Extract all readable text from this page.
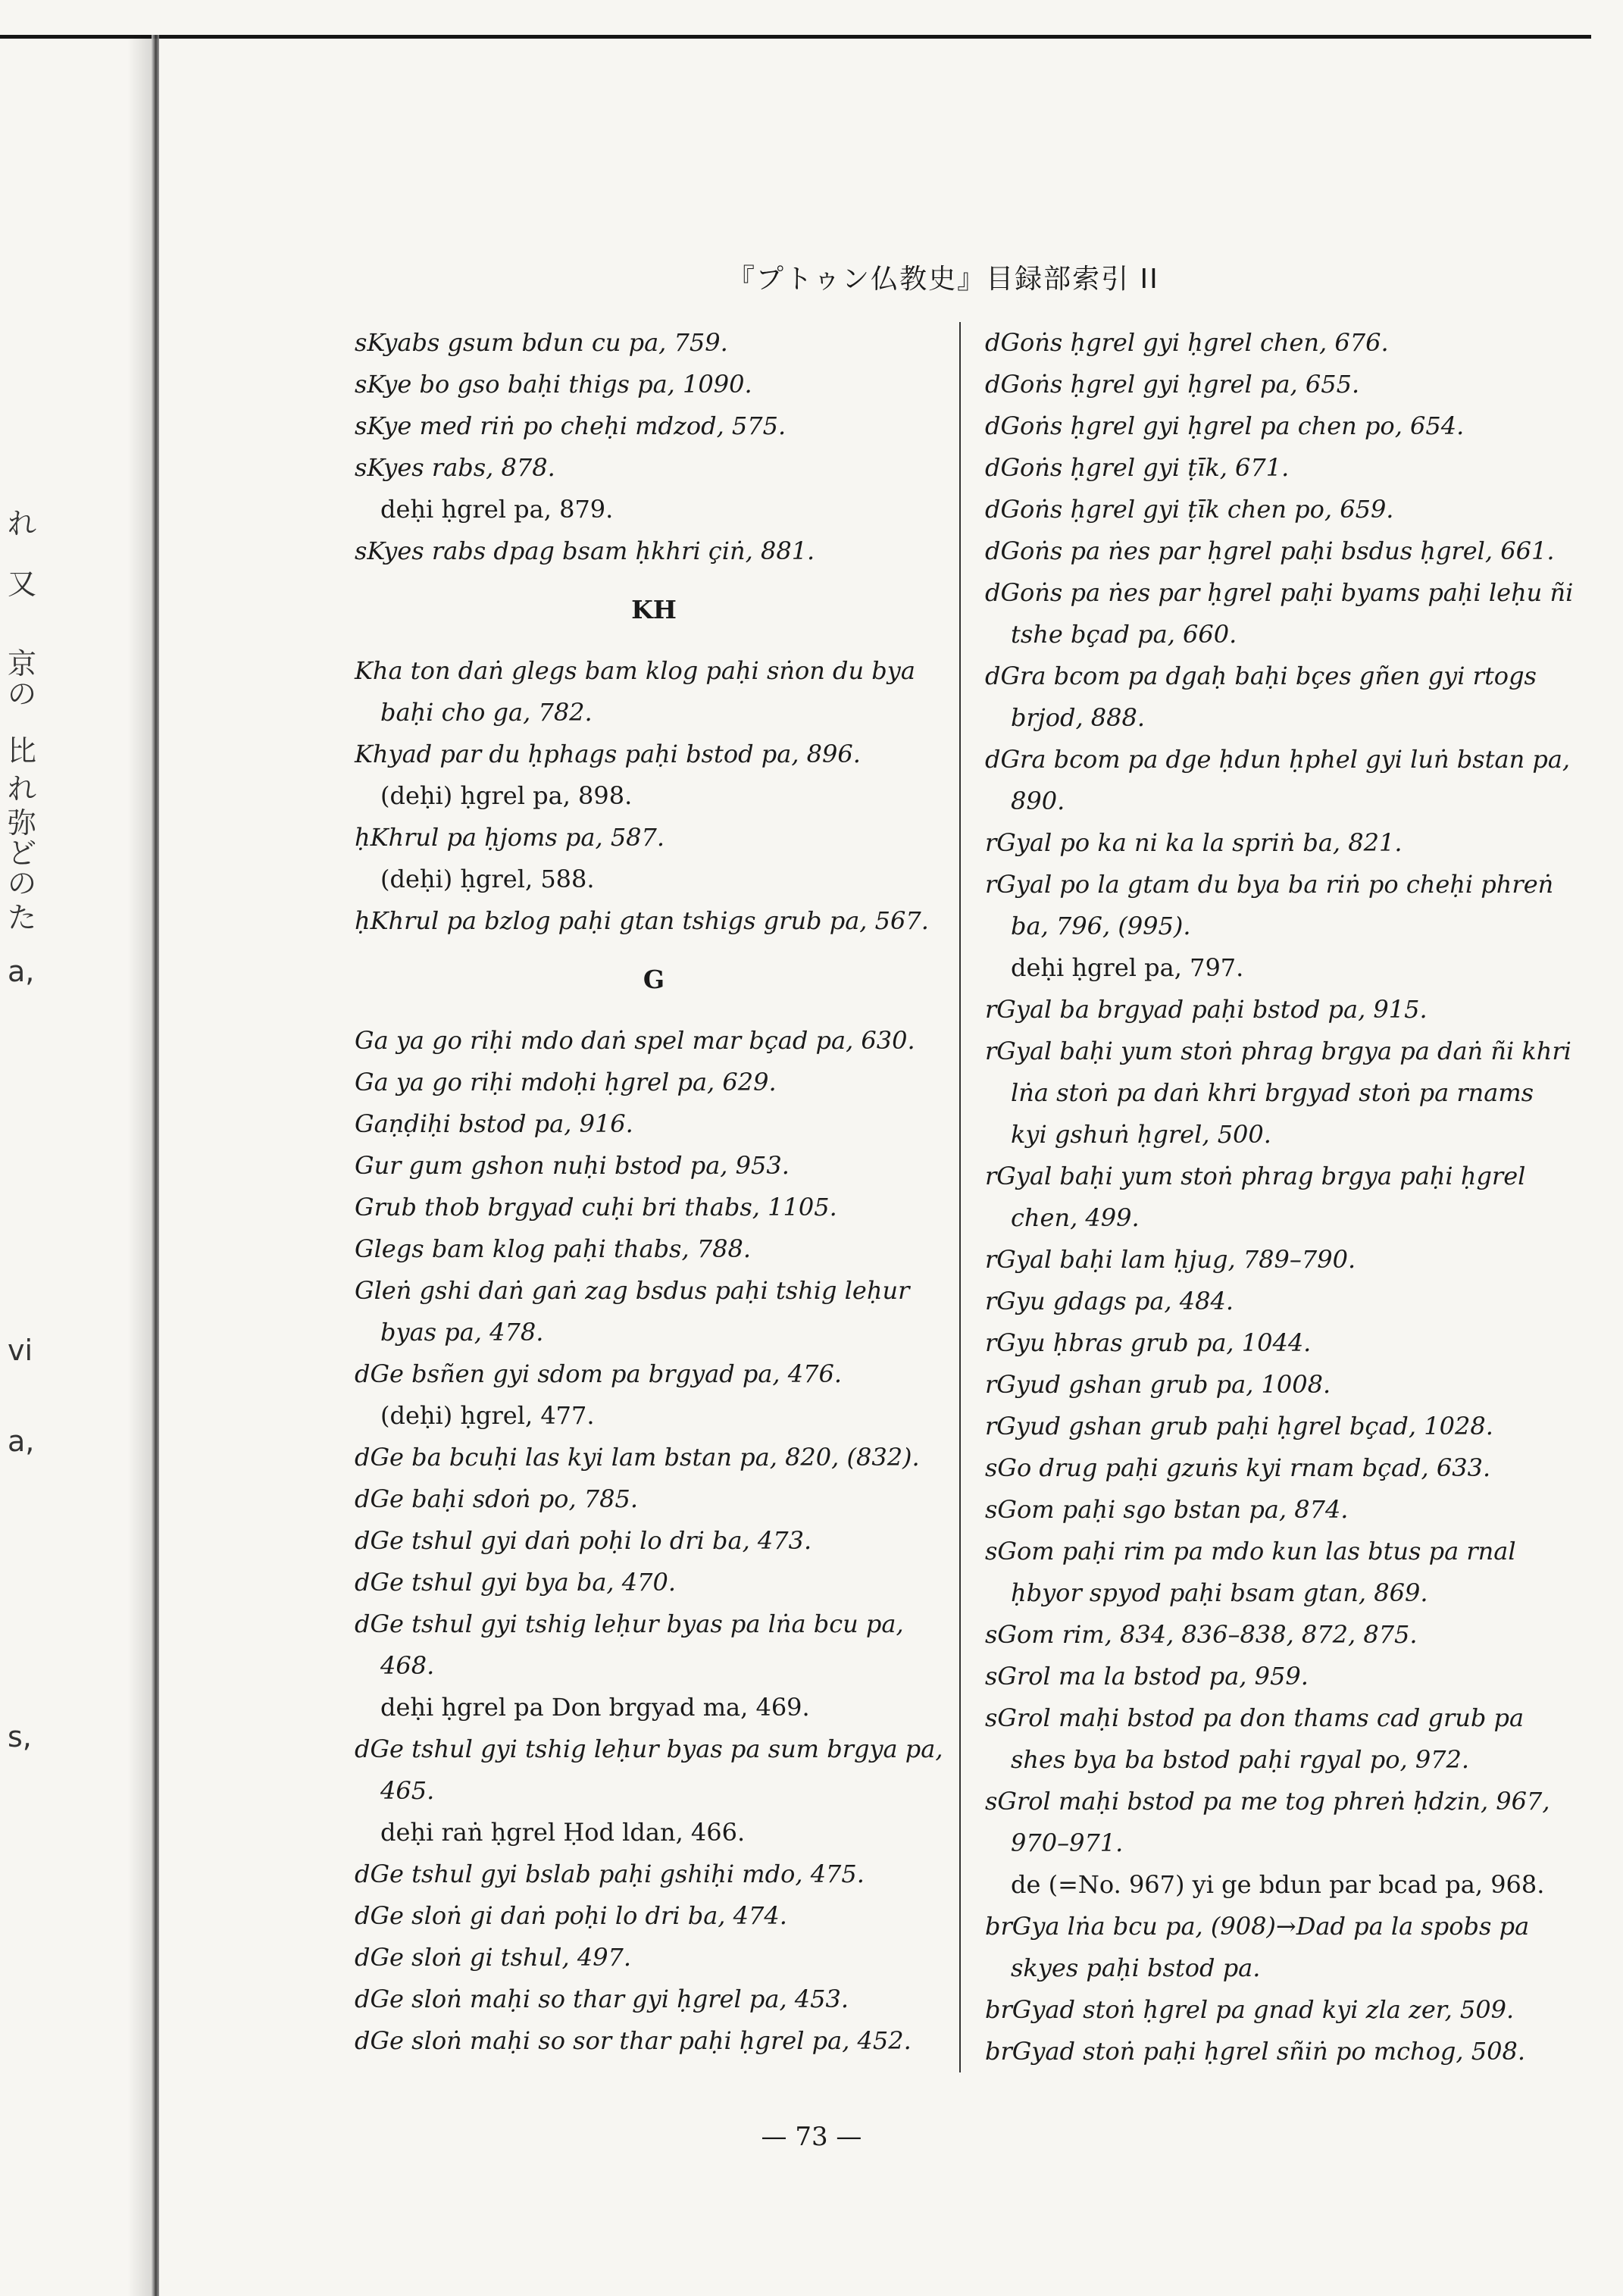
れ
又
京
の
比
れ
弥
ど
の
た
a,
vi
a,
s,
『プトゥン仏教史』目録部索引 II

sKyabs gsum bdun cu pa, 759.

sKye bo gso baḥi thigs pa, 1090.

sKye med riṅ po cheḥi mdzod, 575.

sKyes rabs, 878.

deḥi ḥgrel pa, 879.

sKyes rabs dpag bsam ḥkhri çiṅ, 881.

KH

Kha ton daṅ glegs bam klog paḥi sṅon du bya baḥi cho ga, 782.

Khyad par du ḥphags paḥi bstod pa, 896.

(deḥi) ḥgrel pa, 898.

ḥKhrul pa ḥjoms pa, 587.

(deḥi) ḥgrel, 588.

ḥKhrul pa bzlog paḥi gtan tshigs grub pa, 567.

G

Ga ya go riḥi mdo daṅ spel mar bçad pa, 630.

Ga ya go riḥi mdoḥi ḥgrel pa, 629.

Gaṇḍiḥi bstod pa, 916.

Gur gum gshon nuḥi bstod pa, 953.

Grub thob brgyad cuḥi bri thabs, 1105.

Glegs bam klog paḥi thabs, 788.

Gleṅ gshi daṅ gaṅ zag bsdus paḥi tshig leḥur byas pa, 478.

dGe bsñen gyi sdom pa brgyad pa, 476.

(deḥi) ḥgrel, 477.

dGe ba bcuḥi las kyi lam bstan pa, 820, (832).

dGe baḥi sdoṅ po, 785.

dGe tshul gyi daṅ poḥi lo dri ba, 473.

dGe tshul gyi bya ba, 470.

dGe tshul gyi tshig leḥur byas pa lṅa bcu pa, 468.

deḥi ḥgrel pa Don brgyad ma, 469.

dGe tshul gyi tshig leḥur byas pa sum brgya pa, 465.

deḥi raṅ ḥgrel Ḥod ldan, 466.

dGe tshul gyi bslab paḥi gshiḥi mdo, 475.

dGe sloṅ gi daṅ poḥi lo dri ba, 474.

dGe sloṅ gi tshul, 497.

dGe sloṅ maḥi so thar gyi ḥgrel pa, 453.

dGe sloṅ maḥi so sor thar paḥi ḥgrel pa, 452.

dGoṅs ḥgrel gyi ḥgrel chen, 676.

dGoṅs ḥgrel gyi ḥgrel pa, 655.

dGoṅs ḥgrel gyi ḥgrel pa chen po, 654.

dGoṅs ḥgrel gyi ṭīk, 671.

dGoṅs ḥgrel gyi ṭīk chen po, 659.

dGoṅs pa ṅes par ḥgrel paḥi bsdus ḥgrel, 661.

dGoṅs pa ṅes par ḥgrel paḥi byams paḥi leḥu ñi tshe bçad pa, 660.

dGra bcom pa dgaḥ baḥi bçes gñen gyi rtogs brjod, 888.

dGra bcom pa dge ḥdun ḥphel gyi luṅ bstan pa, 890.

rGyal po ka ni ka la spriṅ ba, 821.

rGyal po la gtam du bya ba riṅ po cheḥi phreṅ ba, 796, (995).

deḥi ḥgrel pa, 797.

rGyal ba brgyad paḥi bstod pa, 915.

rGyal baḥi yum stoṅ phrag brgya pa daṅ ñi khri lṅa stoṅ pa daṅ khri brgyad stoṅ pa rnams kyi gshuṅ ḥgrel, 500.

rGyal baḥi yum stoṅ phrag brgya paḥi ḥgrel chen, 499.

rGyal baḥi lam ḥjug, 789–790.

rGyu gdags pa, 484.

rGyu ḥbras grub pa, 1044.

rGyud gshan grub pa, 1008.

rGyud gshan grub paḥi ḥgrel bçad, 1028.

sGo drug paḥi gzuṅs kyi rnam bçad, 633.

sGom paḥi sgo bstan pa, 874.

sGom paḥi rim pa mdo kun las btus pa rnal ḥbyor spyod paḥi bsam gtan, 869.

sGom rim, 834, 836–838, 872, 875.

sGrol ma la bstod pa, 959.

sGrol maḥi bstod pa don thams cad grub pa shes bya ba bstod paḥi rgyal po, 972.

sGrol maḥi bstod pa me tog phreṅ ḥdzin, 967, 970–971.

de (=No. 967) yi ge bdun par bcad pa, 968.

brGya lṅa bcu pa, (908)→Dad pa la spobs pa skyes paḥi bstod pa.

brGyad stoṅ ḥgrel pa gnad kyi zla zer, 509.

brGyad stoṅ paḥi ḥgrel sñiṅ po mchog, 508.

— 73 —
